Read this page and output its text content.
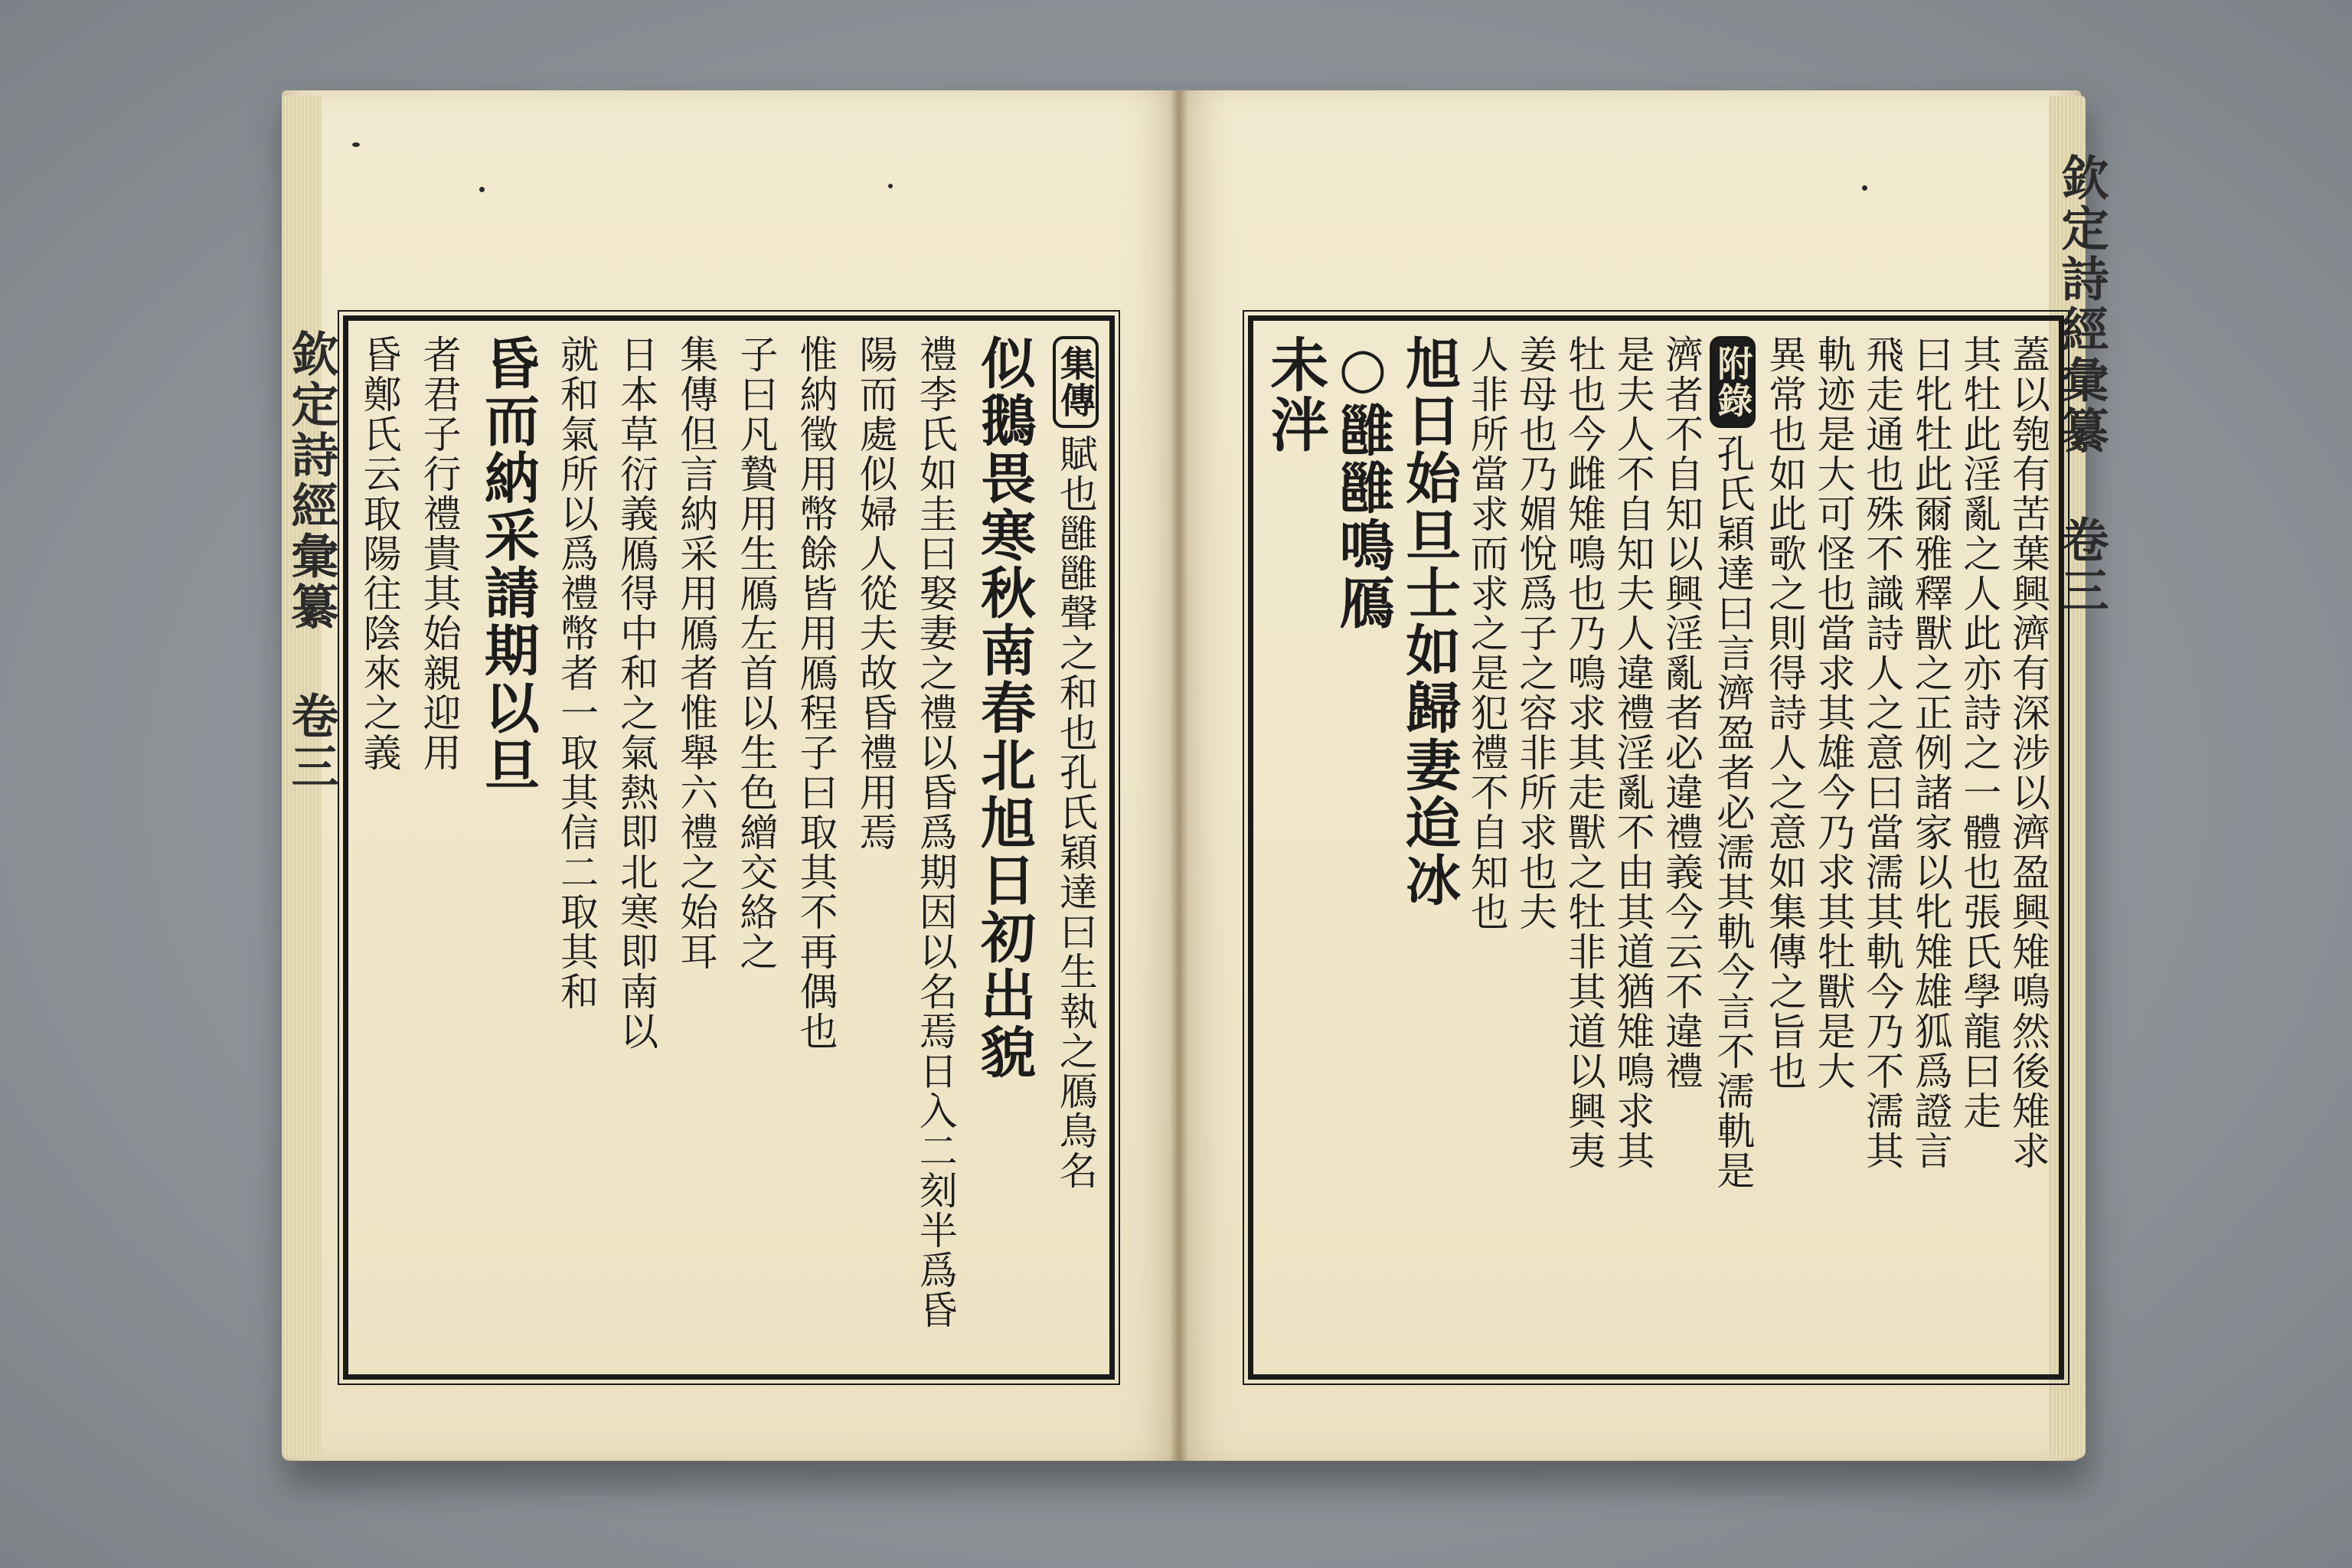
欽定詩經彙纂 卷三	欽定詩經彙纂 卷三
集傳賦也雝雝聲之和也孔氏穎達曰生執之鴈鳥名
似鵝畏寒秋南春北旭日初出貌
禮李氏如圭曰娶妻之禮以昏爲期因以名焉日入二刻半爲昏
陽而處似婦人從夫故昏禮用焉
惟納徵用幣餘皆用鴈程子曰取其不再偶也
子曰凡贄用生鴈左首以生色繒交絡之
集傳但言納采用鴈者惟舉六禮之始耳
日本草衍義鴈得中和之氣熱即北寒即南以
就和氣所以爲禮幣者一取其信二取其和
昏而納采請期以旦
者君子行禮貴其始親迎用
昏鄭氏云取陽往陰來之義	蓋以匏有苦葉興濟有深涉以濟盈興雉鳴然後雉求
其牡此淫亂之人此亦詩之一體也張氏學龍曰走
曰牝牡此爾雅釋獸之正例諸家以牝雉雄狐爲證言
飛走通也殊不識詩人之意曰當濡其軌今乃不濡其
軌迹是大可怪也當求其雄今乃求其牡獸是大
異常也如此歌之則得詩人之意如集傳之旨也
附錄孔氏穎達曰言濟盈者必濡其軌今言不濡軌是
濟者不自知以興淫亂者必違禮義今云不違禮
是夫人不自知夫人違禮淫亂不由其道猶雉鳴求其
牡也今雌雉鳴也乃鳴求其走獸之牡非其道以興夷
姜母也乃媚悅爲子之容非所求也夫
人非所當求而求之是犯禮不自知也
旭日始旦士如歸妻迨冰
○雝雝鳴鴈
未泮
